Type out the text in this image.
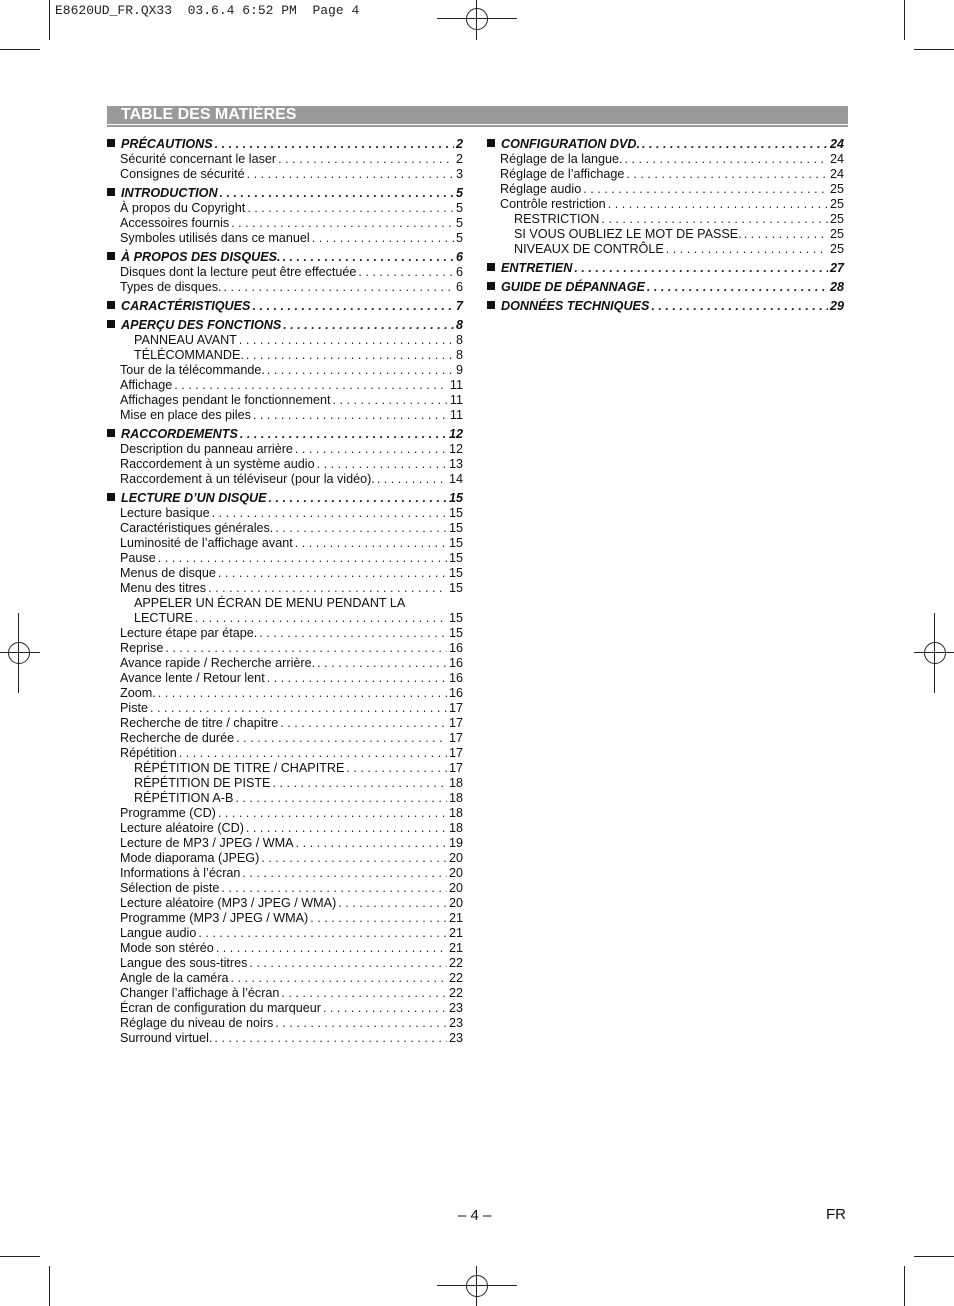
E8620UD_FR.QX33  03.6.4 6:52 PM  Page 4
TABLE DES MATIÈRES
PRÉCAUTIONS . . .	2
Sécurité concernant le laser . . .	2
Consignes de sécurité . . .	3
INTRODUCTION . . .	5
À propos du Copyright . . .	5
Accessoires fournis . . .	5
Symboles utilisés dans ce manuel . . .	5
À PROPOS DES DISQUES. . . .	6
Disques dont la lecture peut être effectuée . . .	6
Types de disques. . . .	6
CARACTÉRISTIQUES . . .	7
APERÇU DES FONCTIONS . . .	8
PANNEAU AVANT . . .	8
TÉLÉCOMMANDE. . . .	8
Tour de la télécommande. . . .	9
Affichage . . .	11
Affichages pendant le fonctionnement . . .	11
Mise en place des piles . . .	11
RACCORDEMENTS . . .	12
Description du panneau arrière . . .	12
Raccordement à un système audio . . .	13
Raccordement à un téléviseur (pour la vidéo). . . .	14
LECTURE D’UN DISQUE . . .	15
Lecture basique . . .	15
Caractéristiques générales. . . .	15
Luminosité de l’affichage avant . . .	15
Pause . . .	15
Menus de disque . . .	15
Menu des titres . . .	15
APPELER UN ÉCRAN DE MENU PENDANT LA
LECTURE . . .	15
Lecture étape par étape. . . .	15
Reprise . . .	16
Avance rapide / Recherche arrière. . . .	16
Avance lente / Retour lent . . .	16
Zoom. . . .	16
Piste . . .	17
Recherche de titre / chapitre . . .	17
Recherche de durée . . .	17
Répétition . . .	17
RÉPÉTITION DE TITRE / CHAPITRE . . .	17
RÉPÉTITION DE PISTE . . .	18
RÉPÉTITION A-B . . .	18
Programme (CD) . . .	18
Lecture aléatoire (CD) . . .	18
Lecture de MP3 / JPEG / WMA . . .	19
Mode diaporama (JPEG) . . .	20
Informations à l’écran . . .	20
Sélection de piste . . .	20
Lecture aléatoire (MP3 / JPEG / WMA) . . .	20
Programme (MP3 / JPEG / WMA) . . .	21
Langue audio . . .	21
Mode son stéréo . . .	21
Langue des sous-titres . . .	22
Angle de la caméra . . .	22
Changer l’affichage à l’écran . . .	22
Écran de configuration du marqueur . . .	23
Réglage du niveau de noirs . . .	23
Surround virtuel. . . .	23
CONFIGURATION DVD. . . .	24
Réglage de la langue. . . .	24
Réglage de l’affichage . . .	24
Réglage audio . . .	25
Contrôle restriction . . .	25
RESTRICTION . . .	25
SI VOUS OUBLIEZ LE MOT DE PASSE. . . .	25
NIVEAUX DE CONTRÔLE . . .	25
ENTRETIEN . . .	27
GUIDE DE DÉPANNAGE . . .	28
DONNÉES TECHNIQUES . . .	29
– 4 –	FR
